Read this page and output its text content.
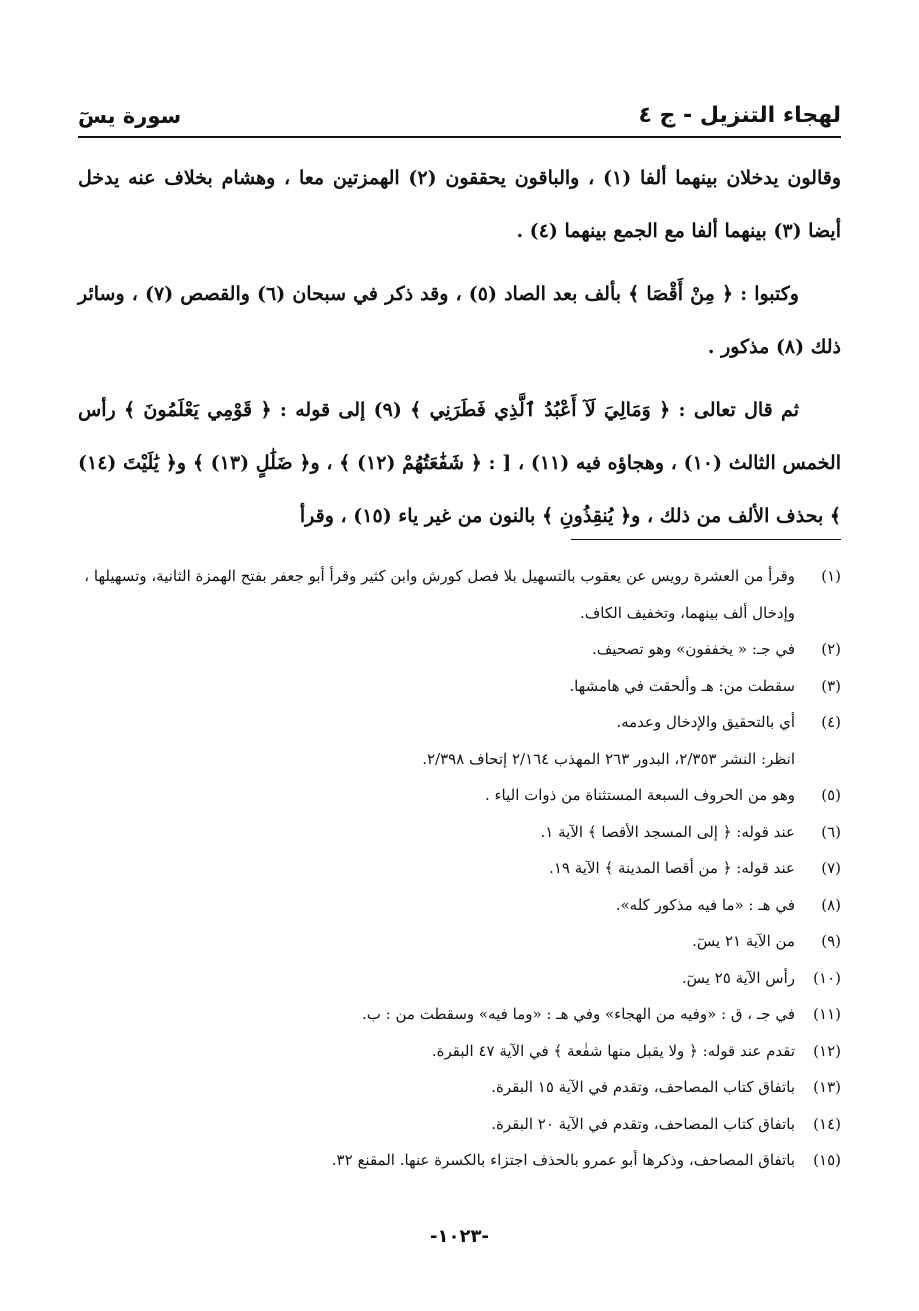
لهجاء التنزيل - ج ٤
سورة يسٓ

وقالون يدخلان بينهما ألفا (١) ، والباقون يحققون (٢) الهمزتين معا ، وهشام بخلاف عنه يدخل أيضا (٣) بينهما ألفا مع الجمع بينهما (٤) .

وكتبوا : ﴿ مِنْ أَقْصَا ﴾ بألف بعد الصاد (٥) ، وقد ذكر في سبحان (٦) والقصص (٧) ، وسائر ذلك (٨) مذكور .

ثم قال تعالى : ﴿ وَمَالِيَ لَآ أَعْبُدُ ٱلَّذِي فَطَرَنِي ﴾ (٩) إلى قوله : ﴿ قَوْمِي يَعْلَمُونَ ﴾ رأس الخمس الثالث (١٠) ، وهجاؤه فيه (١١) ، [ : ﴿ شَفَٰعَتُهُمْ (١٢) ﴾ ، و﴿ ضَلَٰلٍ (١٣) ﴾ و﴿ يَٰلَيْتَ (١٤) ﴾ بحذف الألف من ذلك ، و﴿ يُنقِذُونِ ﴾ بالنون من غير ياء (١٥) ، وقرأ

(١)
وقرأ من العشرة رويس عن يعقوب بالتسهيل بلا فصل كورش وابن كثير وقرأ أبو جعفر بفتح الهمزة الثانية، وتسهيلها ، وإدخال ألف بينهما، وتخفيف الكاف.
(٢)
في جـ: « يخففون» وهو تصحيف.
(٣)
سقطت من: هـ وألحقت في هامشها.
(٤)
أي بالتحقيق والإدخال وعدمه.
انظر: النشر ٢/٣٥٣، البدور ٢٦٣ المهذب ٢/١٦٤ إتحاف ٢/٣٩٨.
(٥)
وهو من الحروف السبعة المستثناة من ذوات الياء .
(٦)
عند قوله: ﴿ إلى المسجد الأقصا ﴾ الآية ١.
(٧)
عند قوله: ﴿ من أقصا المدينة ﴾ الآية ١٩.
(٨)
في هـ : «ما فيه مذكور كله».
(٩)
من الآية ٢١ يسٓ.
(١٠)
رأس الآية ٢٥ يسٓ.
(١١)
في جـ ، ق : «وفيه من الهجاء» وفي هـ : «وما فيه» وسقطت من : ب.
(١٢)
تقدم عند قوله: ﴿ ولا يقبل منها شفٰعة ﴾ في الآية ٤٧ البقرة.
(١٣)
باتفاق كتاب المصاحف، وتقدم في الآية ١٥ البقرة.
(١٤)
باتفاق كتاب المصاحف، وتقدم في الآية ٢٠ البقرة.
(١٥)
باتفاق المصاحف، وذكرها أبو عمرو بالحذف اجتزاء بالكسرة عنها. المقنع ٣٢.
-١٠٢٣-
